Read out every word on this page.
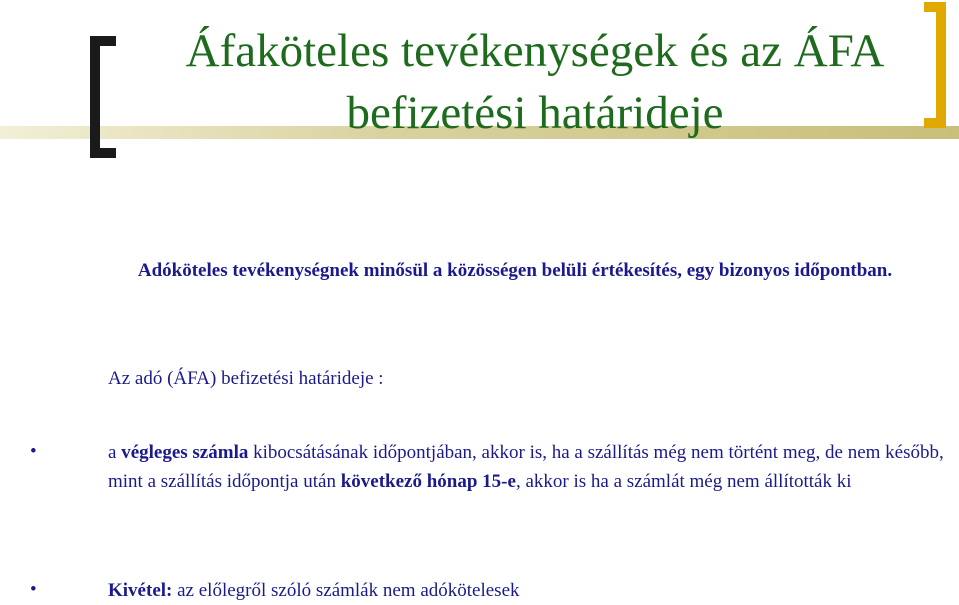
Áfaköteles tevékenységek és az ÁFA
befizetési határideje
Adóköteles tevékenységnek minősül a közösségen belüli értékesítés, egy bizonyos időpontban.
Az adó (ÁFA) befizetési határideje :
•	a végleges számla kibocsátásának időpontjában, akkor is, ha a szállítás még nem történt meg, de nem később, mint a szállítás időpontja után következő hónap 15-e, akkor is ha a számlát még nem állították ki
•	Kivétel: az előlegről szóló számlák nem adókötelesek
